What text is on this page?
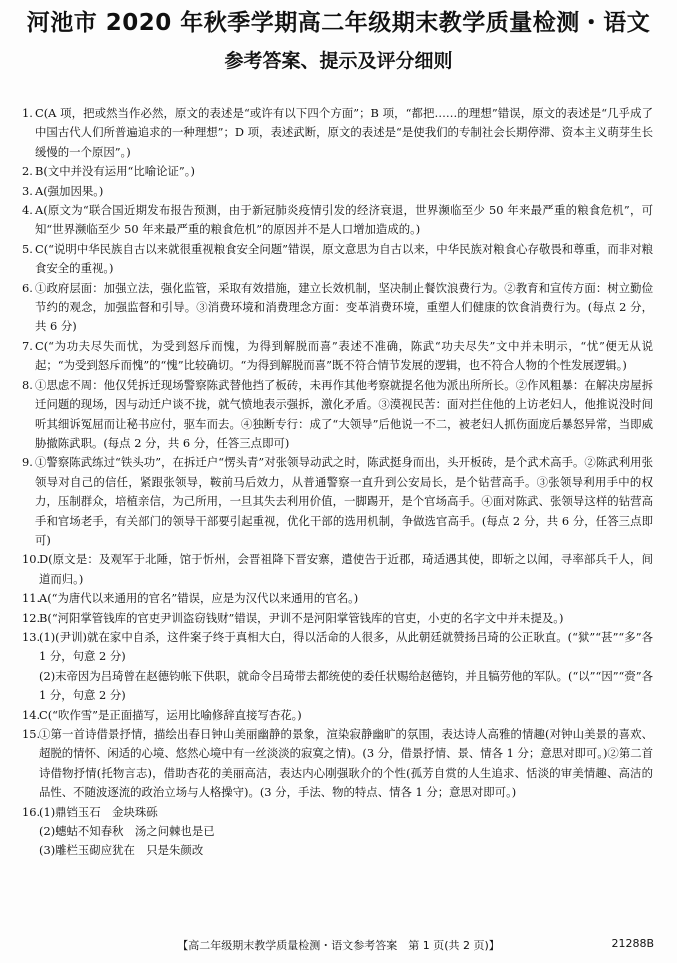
河池市 2020 年秋季学期高二年级期末教学质量检测・语文
参考答案、提示及评分细则
1. C(A 项，把或然当作必然，原文的表述是“或许有以下四个方面”；B 项，“都把……的理想”错误，原文的表述是“几乎成了中国古代人们所普遍追求的一种理想”；D 项，表述武断，原文的表述是“是使我们的专制社会长期停滞、资本主义萌芽生长缓慢的一个原因”。)
2. B(文中并没有运用“比喻论证”。)
3. A(强加因果。)
4. A(原文为“联合国近期发布报告预测，由于新冠肺炎疫情引发的经济衰退，世界濒临至少 50 年来最严重的粮食危机”，可知“世界濒临至少 50 年来最严重的粮食危机”的原因并不是人口增加造成的。)
5. C(“说明中华民族自古以来就很重视粮食安全问题”错误，原文意思为自古以来，中华民族对粮食心存敬畏和尊重，而非对粮食安全的重视。)
6. ①政府层面：加强立法，强化监管，采取有效措施，建立长效机制，坚决制止餐饮浪费行为。②教育和宣传方面：树立勤俭节约的观念，加强监督和引导。③消费环境和消费理念方面：变革消费环境，重塑人们健康的饮食消费行为。(每点 2 分，共 6 分)
7. C(“为功夫尽失而忧，为受到怒斥而愧，为得到解脱而喜”表述不准确，陈武“功夫尽失”文中并未明示，“忧”便无从说起；“为受到怒斥而愧”的“愧”比较确切。“为得到解脱而喜”既不符合情节发展的逻辑，也不符合人物的个性发展逻辑。)
8. ①思虑不周：他仅凭拆迁现场警察陈武替他挡了板砖，未再作其他考察就提名他为派出所所长。②作风粗暴：在解决房屋拆迁问题的现场，因与动迁户谈不拢，就气愤地表示强拆，激化矛盾。③漠视民苦：面对拦住他的上访老妇人，他推说没时间听其细诉冤屈而让秘书应付，驱车而去。④独断专行：成了“大领导”后他说一不二，被老妇人抓伤面庞后暴怒异常，当即威胁撤陈武职。(每点 2 分，共 6 分，任答三点即可)
9. ①警察陈武练过“铁头功”，在拆迁户“愣头青”对张领导动武之时，陈武挺身而出，头开板砖，是个武术高手。②陈武利用张领导对自己的信任，紧跟张领导，鞍前马后效力，从普通警察一直升到公安局长，是个钻营高手。③张领导利用手中的权力，压制群众，培植亲信，为己所用，一旦其失去利用价值，一脚踢开，是个官场高手。④面对陈武、张领导这样的钻营高手和官场老手，有关部门的领导干部要引起重视，优化干部的选用机制，争做选官高手。(每点 2 分，共 6 分，任答三点即可)
10.
D(原文是：及观军于北陲，馆于忻州，会晋祖降下晋安寨，遣使告于近郡，琦适遇其使，即斩之以闻，寻率部兵千人，间道而归。)
11.
A(“为唐代以来通用的官名”错误，应是为汉代以来通用的官名。)
12.
B(“河阳掌管钱库的官吏尹训盗窃钱财”错误，尹训不是河阳掌管钱库的官吏，小吏的名字文中并未提及。)
13.
(1)(尹训)就在家中自杀，这件案子终于真相大白，得以活命的人很多，从此朝廷就赞扬吕琦的公正耿直。(“狱”“甚”“多”各 1 分，句意 2 分)
(2)末帝因为吕琦曾在赵德钧帐下供职，就命令吕琦带去都统使的委任状赐给赵德钧，并且犒劳他的军队。(“以”“因”“赍”各 1 分，句意 2 分)
14.
C(“吹作雪”是正面描写，运用比喻修辞直接写杏花。)
15.
①第一首诗借景抒情，描绘出春日钟山美丽幽静的景象，渲染寂静幽旷的氛围，表达诗人高雅的情趣(对钟山美景的喜欢、超脱的情怀、闲适的心境、悠然心境中有一丝淡淡的寂寞之情)。(3 分，借景抒情、景、情各 1 分；意思对即可。)②第二首诗借物抒情(托物言志)，借助杏花的美丽高洁，表达内心刚强耿介的个性(孤芳自赏的人生追求、恬淡的审美情趣、高洁的品性、不随波逐流的政治立场与人格操守)。(3 分，手法、物的特点、情各 1 分；意思对即可。)
16.
(1)鼎铛玉石　金块珠砾
(2)蟪蛄不知春秋　汤之问棘也是已
(3)雕栏玉砌应犹在　只是朱颜改
【高二年级期末教学质量检测・语文参考答案　第 1 页(共 2 页)】	21288B
